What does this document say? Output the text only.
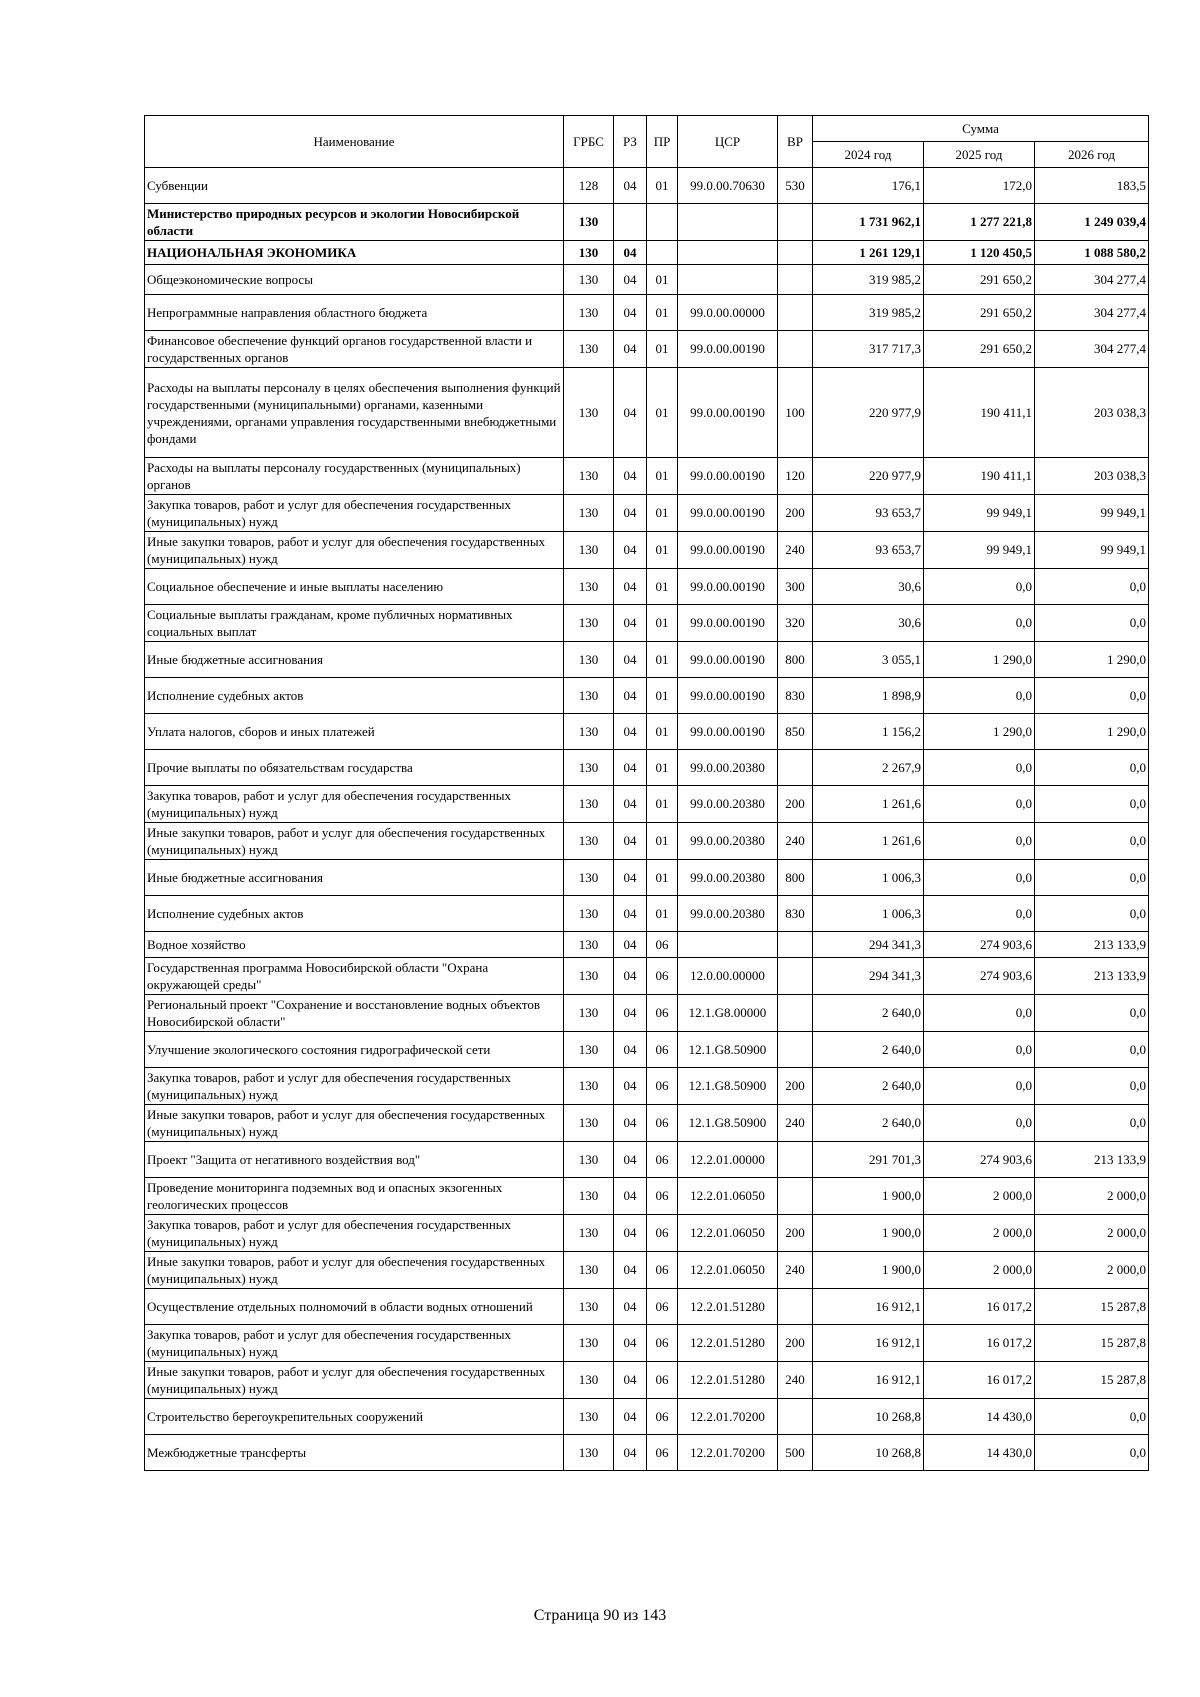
Наименование	ГРБС	РЗ	ПР	ЦСР	ВР	Сумма		
						2024 год	2025 год	2026 год
Субвенции	128	04	01	99.0.00.70630	530	176,1	172,0	183,5
Министерство природных ресурсов и экологии Новосибирской области	130					1 731 962,1	1 277 221,8	1 249 039,4
НАЦИОНАЛЬНАЯ ЭКОНОМИКА	130	04				1 261 129,1	1 120 450,5	1 088 580,2
Общеэкономические вопросы	130	04	01			319 985,2	291 650,2	304 277,4
Непрограммные направления областного бюджета	130	04	01	99.0.00.00000		319 985,2	291 650,2	304 277,4
Финансовое обеспечение функций органов государственной власти и государственных органов	130	04	01	99.0.00.00190		317 717,3	291 650,2	304 277,4
Расходы на выплаты персоналу в целях обеспечения выполнения функций государственными (муниципальными) органами, казенными учреждениями, органами управления государственными внебюджетными фондами	130	04	01	99.0.00.00190	100	220 977,9	190 411,1	203 038,3
Расходы на выплаты персоналу государственных (муниципальных) органов	130	04	01	99.0.00.00190	120	220 977,9	190 411,1	203 038,3
Закупка товаров, работ и услуг для обеспечения государственных (муниципальных) нужд	130	04	01	99.0.00.00190	200	93 653,7	99 949,1	99 949,1
Иные закупки товаров, работ и услуг для обеспечения государственных (муниципальных) нужд	130	04	01	99.0.00.00190	240	93 653,7	99 949,1	99 949,1
Социальное обеспечение и иные выплаты населению	130	04	01	99.0.00.00190	300	30,6	0,0	0,0
Социальные выплаты гражданам, кроме публичных нормативных социальных выплат	130	04	01	99.0.00.00190	320	30,6	0,0	0,0
Иные бюджетные ассигнования	130	04	01	99.0.00.00190	800	3 055,1	1 290,0	1 290,0
Исполнение судебных актов	130	04	01	99.0.00.00190	830	1 898,9	0,0	0,0
Уплата налогов, сборов и иных платежей	130	04	01	99.0.00.00190	850	1 156,2	1 290,0	1 290,0
Прочие выплаты по обязательствам государства	130	04	01	99.0.00.20380		2 267,9	0,0	0,0
Закупка товаров, работ и услуг для обеспечения государственных (муниципальных) нужд	130	04	01	99.0.00.20380	200	1 261,6	0,0	0,0
Иные закупки товаров, работ и услуг для обеспечения государственных (муниципальных) нужд	130	04	01	99.0.00.20380	240	1 261,6	0,0	0,0
Иные бюджетные ассигнования	130	04	01	99.0.00.20380	800	1 006,3	0,0	0,0
Исполнение судебных актов	130	04	01	99.0.00.20380	830	1 006,3	0,0	0,0
Водное хозяйство	130	04	06			294 341,3	274 903,6	213 133,9
Государственная программа Новосибирской области "Охрана окружающей среды"	130	04	06	12.0.00.00000		294 341,3	274 903,6	213 133,9
Региональный проект "Сохранение и восстановление водных объектов Новосибирской области"	130	04	06	12.1.G8.00000		2 640,0	0,0	0,0
Улучшение экологического состояния гидрографической сети	130	04	06	12.1.G8.50900		2 640,0	0,0	0,0
Закупка товаров, работ и услуг для обеспечения государственных (муниципальных) нужд	130	04	06	12.1.G8.50900	200	2 640,0	0,0	0,0
Иные закупки товаров, работ и услуг для обеспечения государственных (муниципальных) нужд	130	04	06	12.1.G8.50900	240	2 640,0	0,0	0,0
Проект "Защита от негативного воздействия вод"	130	04	06	12.2.01.00000		291 701,3	274 903,6	213 133,9
Проведение мониторинга подземных вод и опасных экзогенных геологических процессов	130	04	06	12.2.01.06050		1 900,0	2 000,0	2 000,0
Закупка товаров, работ и услуг для обеспечения государственных (муниципальных) нужд	130	04	06	12.2.01.06050	200	1 900,0	2 000,0	2 000,0
Иные закупки товаров, работ и услуг для обеспечения государственных (муниципальных) нужд	130	04	06	12.2.01.06050	240	1 900,0	2 000,0	2 000,0
Осуществление отдельных полномочий в области водных отношений	130	04	06	12.2.01.51280		16 912,1	16 017,2	15 287,8
Закупка товаров, работ и услуг для обеспечения государственных (муниципальных) нужд	130	04	06	12.2.01.51280	200	16 912,1	16 017,2	15 287,8
Иные закупки товаров, работ и услуг для обеспечения государственных (муниципальных) нужд	130	04	06	12.2.01.51280	240	16 912,1	16 017,2	15 287,8
Строительство берегоукрепительных сооружений	130	04	06	12.2.01.70200		10 268,8	14 430,0	0,0
Межбюджетные трансферты	130	04	06	12.2.01.70200	500	10 268,8	14 430,0	0,0
Страница 90 из 143
